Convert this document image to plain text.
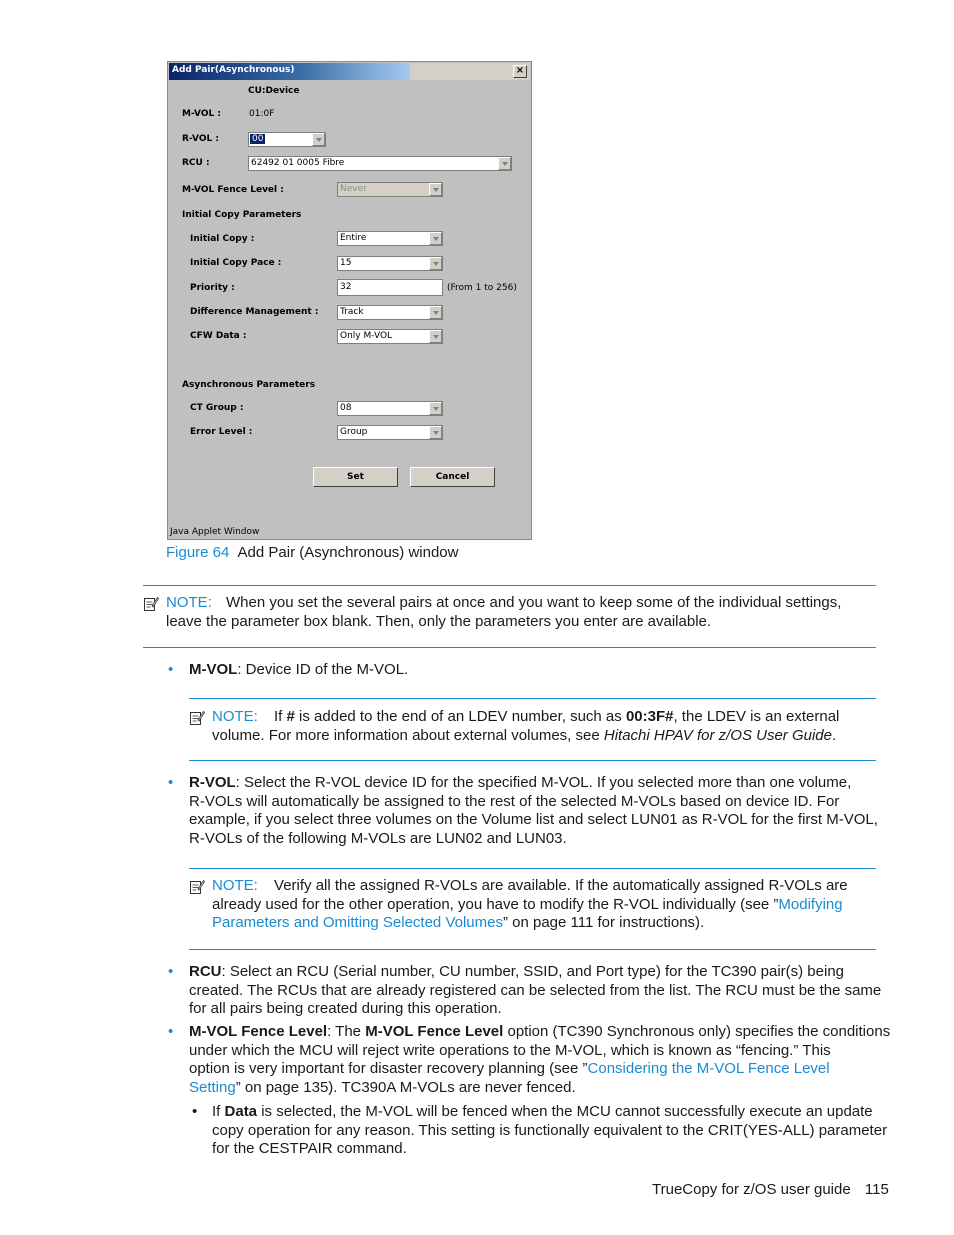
Add Pair(Asynchronous)	×
CU:Device
M-VOL :	01:0F
R-VOL :	00
RCU :	62492 01 0005 Fibre
M-VOL Fence Level :	Never
Initial Copy Parameters
Initial Copy :	Entire
Initial Copy Pace :	15
Priority :	32	(From 1 to 256)
Difference Management : Track
CFW Data :	Only M-VOL
Asynchronous Parameters
CT Group :	08
Error Level :	Group
Set	Cancel
Java Applet Window
Figure 64 Add Pair (Asynchronous) window
NOTE: When you set the several pairs at once and you want to keep some of the individual settings,
leave the parameter box blank. Then, only the parameters you enter are available.
• M-VOL: Device ID of the M-VOL.
NOTE: If # is added to the end of an LDEV number, such as 00:3F#, the LDEV is an external
volume. For more information about external volumes, see Hitachi HPAV for z/OS User Guide.
• R-VOL: Select the R-VOL device ID for the specified M-VOL. If you selected more than one volume,
R-VOLs will automatically be assigned to the rest of the selected M-VOLs based on device ID. For
example, if you select three volumes on the Volume list and select LUN01 as R-VOL for the first M-VOL,
R-VOLs of the following M-VOLs are LUN02 and LUN03.
NOTE: Verify all the assigned R-VOLs are available. If the automatically assigned R-VOLs are
already used for the other operation, you have to modify the R-VOL individually (see ”Modifying
Parameters and Omitting Selected Volumes” on page 111 for instructions).
• RCU: Select an RCU (Serial number, CU number, SSID, and Port type) for the TC390 pair(s) being
created. The RCUs that are already registered can be selected from the list. The RCU must be the same
for all pairs being created during this operation.
• M-VOL Fence Level: The M-VOL Fence Level option (TC390 Synchronous only) specifies the conditions
under which the MCU will reject write operations to the M-VOL, which is known as “fencing.” This
option is very important for disaster recovery planning (see ”Considering the M-VOL Fence Level
Setting” on page 135). TC390A M-VOLs are never fenced.
• If Data is selected, the M-VOL will be fenced when the MCU cannot successfully execute an update
copy operation for any reason. This setting is functionally equivalent to the CRIT(YES-ALL) parameter
for the CESTPAIR command.
TrueCopy for z/OS user guide 115
